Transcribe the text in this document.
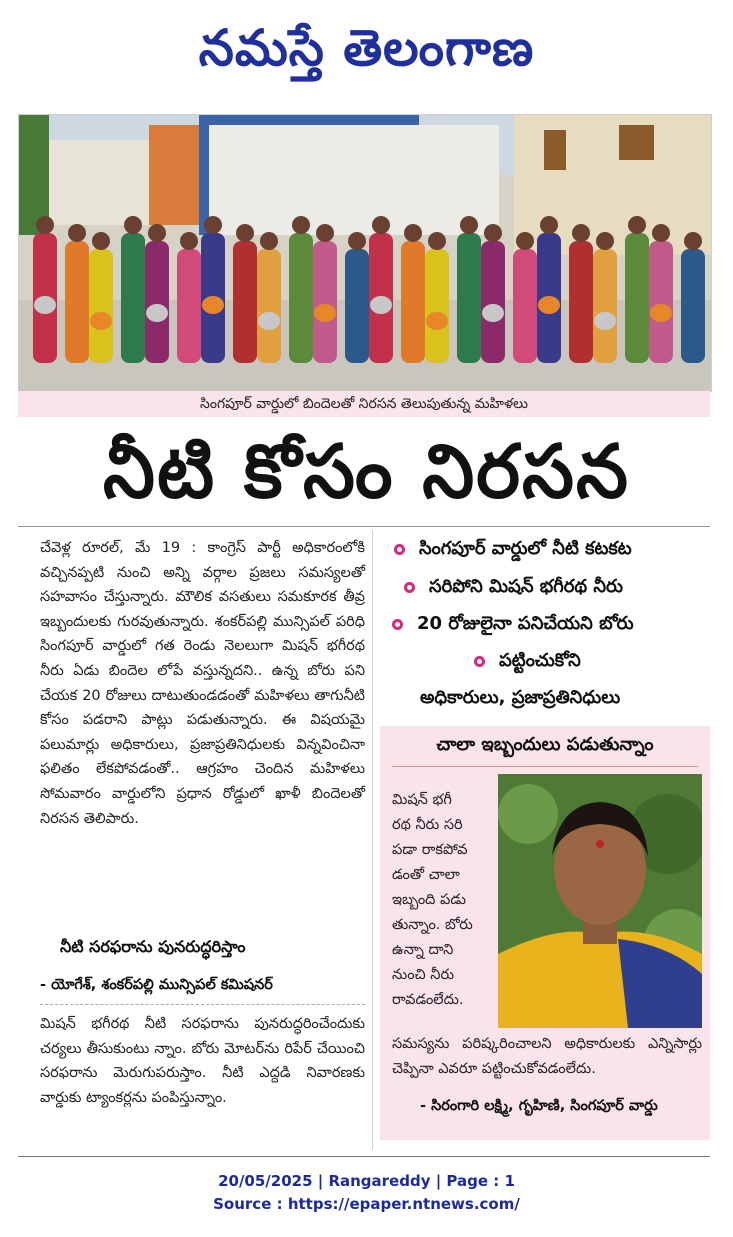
నమస్తే తెలంగాణ
సింగపూర్ వార్డులో బిందెలతో నిరసన తెలుపుతున్న మహిళలు
నీటి కోసం నిరసన
చేవెళ్ల రూరల్, మే 19 : కాంగ్రెస్ పార్టీ అధికారంలోకి వచ్చినప్పటి నుంచి అన్ని వర్గాల ప్రజలు సమస్యలతో సహవాసం చేస్తున్నారు. మౌలిక వసతులు సమకూరక తీవ్ర ఇబ్బందులకు గురవుతున్నారు. శంకర్‌పల్లి మున్సిపల్ పరిధి సింగపూర్ వార్డులో గత రెండు నెలలుగా మిషన్ భగీరథ నీరు ఏడు బిందెల లోపే వస్తున్నదని.. ఉన్న బోరు పని చేయక 20 రోజులు దాటుతుండడంతో మహిళలు తాగునీటి కోసం పడరాని పాట్లు పడుతున్నారు. ఈ విషయమై పలుమార్లు అధికారులు, ప్రజాప్రతినిధులకు విన్నవించినా ఫలితం లేకపోవడంతో.. ఆగ్రహం చెందిన మహిళలు సోమవారం వార్డులోని ప్రధాన రోడ్డులో ఖాళీ బిందెలతో నిరసన తెలిపారు.
నీటి సరఫరాను పునరుద్ధరిస్తాం
- యోగేశ్, శంకర్‌పల్లి మున్సిపల్ కమిషనర్
మిషన్ భగీరథ నీటి సరఫరాను పునరుద్ధరించేందుకు చర్యలు తీసుకుంటు న్నాం. బోరు మోటర్‌ను రిపేర్ చేయించి సరఫరాను మెరుగుపరుస్తాం. నీటి ఎద్దడి నివారణకు వార్డుకు ట్యాంకర్లను పంపిస్తున్నాం.
సింగపూర్ వార్డులో నీటి కటకట
సరిపోని మిషన్ భగీరథ నీరు
20 రోజులైనా పనిచేయని బోరు
పట్టించుకోని
అధికారులు, ప్రజాప్రతినిధులు
చాలా ఇబ్బందులు పడుతున్నాం
మిషన్ భగీ
రథ నీరు సరి
పడా రాకపోవ
డంతో చాలా
ఇబ్బంది పడు
తున్నాం. బోరు
ఉన్నా దాని
నుంచి నీరు
రావడంలేదు.
సమస్యను పరిష్కరించాలని అధికారులకు ఎన్నిసార్లు చెప్పినా ఎవరూ పట్టించుకోవడంలేదు.
- సిరంగారి లక్ష్మి, గృహిణి, సింగపూర్ వార్డు
20/05/2025 | Rangareddy | Page : 1
Source : https://epaper.ntnews.com/
